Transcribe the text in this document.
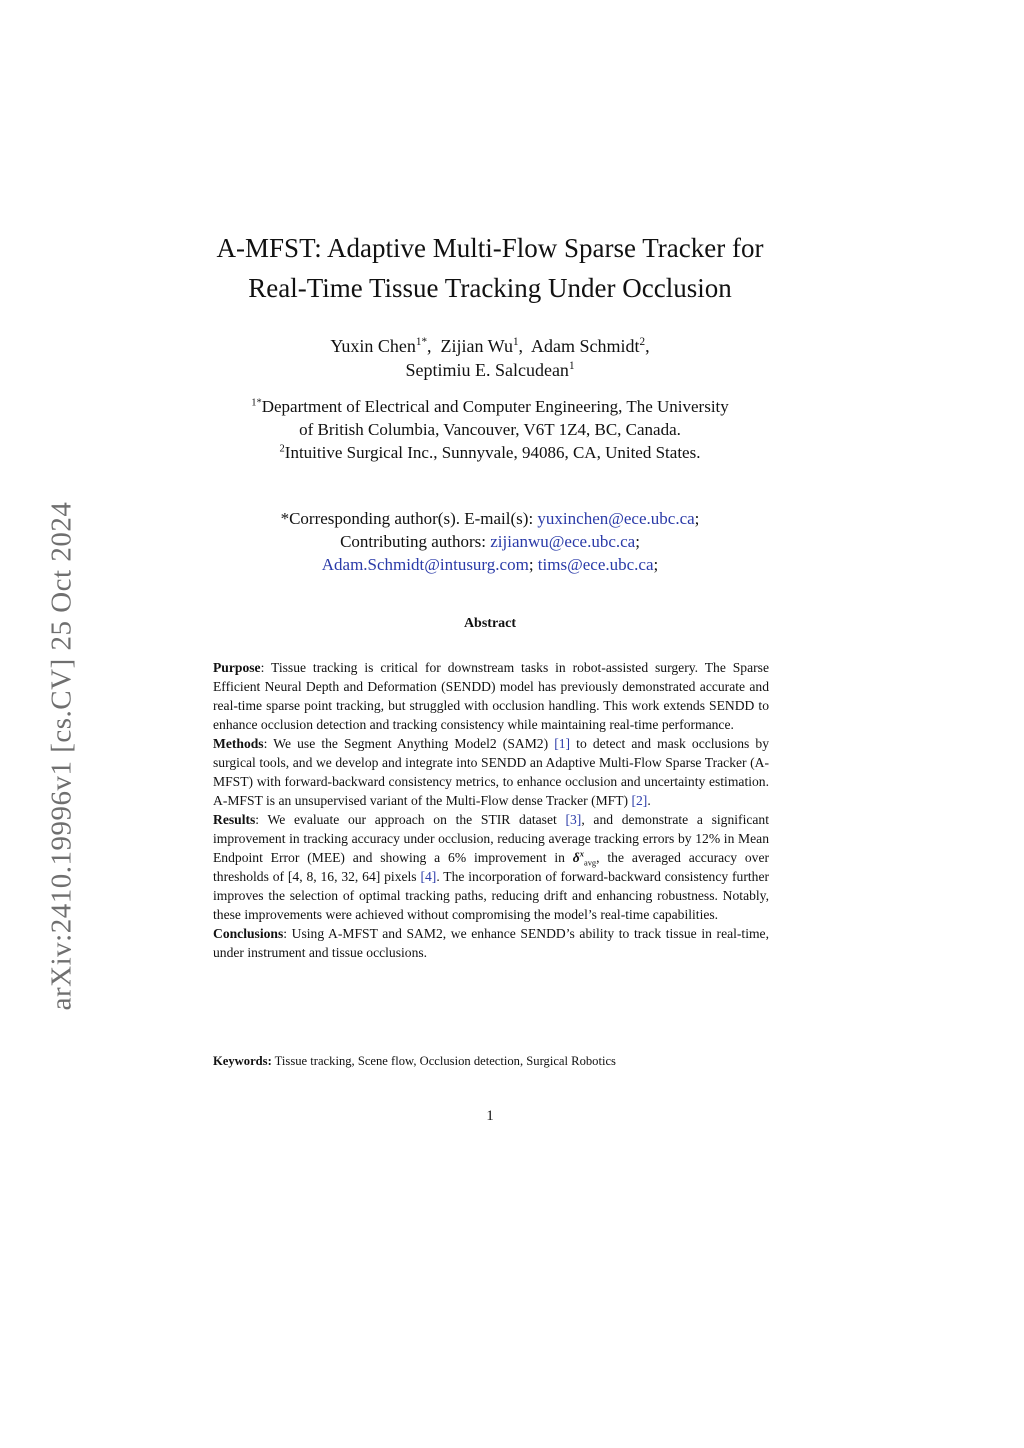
arXiv:2410.19996v1 [cs.CV] 25 Oct 2024
A-MFST: Adaptive Multi-Flow Sparse Tracker for
Real-Time Tissue Tracking Under Occlusion
Yuxin Chen$^{1*}$, Zijian Wu$^1$, Adam Schmidt$^2$,
Septimiu E. Salcudean$^1$
$^{1*}$Department of Electrical and Computer Engineering, The University
of British Columbia, Vancouver, V6T 1Z4, BC, Canada.
$^2$Intuitive Surgical Inc., Sunnyvale, 94086, CA, United States.
*Corresponding author(s). E-mail(s): yuxinchen@ece.ubc.ca;
Contributing authors: zijianwu@ece.ubc.ca;
Adam.Schmidt@intusurg.com; tims@ece.ubc.ca;
Abstract

Purpose: Tissue tracking is critical for downstream tasks in robot-assisted surgery. The Sparse Efficient Neural Depth and Deformation (SENDD) model has previously demonstrated accurate and real-time sparse point tracking, but struggled with occlusion handling. This work extends SENDD to enhance occlusion detection and tracking consistency while maintaining real-time performance.

Methods: We use the Segment Anything Model2 (SAM2) [1] to detect and mask occlusions by surgical tools, and we develop and integrate into SENDD an Adaptive Multi-Flow Sparse Tracker (A-MFST) with forward-backward consistency metrics, to enhance occlusion and uncertainty estimation. A-MFST is an unsupervised variant of the Multi-Flow dense Tracker (MFT) [2].

Results: We evaluate our approach on the STIR dataset [3], and demonstrate a significant improvement in tracking accuracy under occlusion, reducing average tracking errors by 12% in Mean Endpoint Error (MEE) and showing a 6% improvement in $\delta^x_{avg}$, the averaged accuracy over thresholds of [4, 8, 16, 32, 64] pixels [4]. The incorporation of forward-backward consistency further improves the selection of optimal tracking paths, reducing drift and enhancing robustness. Notably, these improvements were achieved without compromising the model’s real-time capabilities.

Conclusions: Using A-MFST and SAM2, we enhance SENDD’s ability to track tissue in real-time, under instrument and tissue occlusions.

Keywords: Tissue tracking, Scene flow, Occlusion detection, Surgical Robotics
1
